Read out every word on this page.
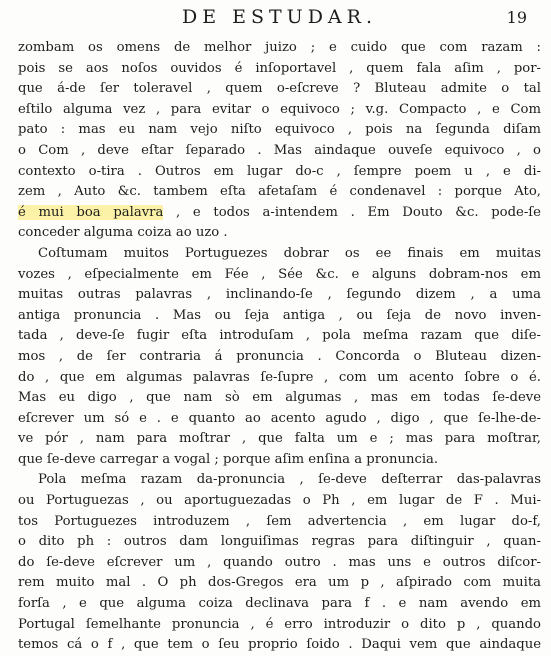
DE ESTUDAR.	19

zombam os omens de melhor juizo ; e cuido que com razam :

pois se aos noſos ouvidos é inſoportavel , quem fala aſim , por-

que á-de ſer toleravel , quem o-eſcreve ? Bluteau admite o tal

eſtilo alguma vez , para evitar o equivoco ; v.g. Compacto , e Com

pato : mas eu nam vejo niſto equivoco , pois na ſegunda diſam

o Com , deve eſtar ſeparado . Mas aindaque ouveſe equivoco , o

contexto o-tira . Outros em lugar do-c , ſempre poem u , e di-

zem , Auto &c. tambem eſta afetaſam é condenavel : porque Ato,

é mui boa palavra , e todos a-intendem . Em Douto &c. pode-ſe

conceder alguma coiza ao uzo .

Coſtumam muitos Portuguezes dobrar os ee finais em muitas

vozes , eſpecialmente em Fée , Sée &c. e alguns dobram-nos em

muitas outras palavras , inclinando-ſe , ſegundo dizem , a uma

antiga pronuncia . Mas ou ſeja antiga , ou ſeja de novo inven-

tada , deve-ſe fugir eſta introduſam , pola meſma razam que diſe-

mos , de ſer contraria á pronuncia . Concorda o Bluteau dizen-

do , que em algumas palavras ſe-ſupre , com um acento ſobre o é.

Mas eu digo , que nam sò em algumas , mas em todas ſe-deve

eſcrever um só e . e quanto ao acento agudo , digo , que ſe-lhe-de-

ve pór , nam para moſtrar , que falta um e ; mas para moſtrar,

que ſe-deve carregar a vogal ; porque aſim enſina a pronuncia.

Pola meſma razam da-pronuncia , ſe-deve deſterrar das-palavras

ou Portuguezas , ou aportuguezadas o Ph , em lugar de F . Mui-

tos Portuguezes introduzem , ſem advertencia , em lugar do-f,

o dito ph : outros dam longuiſimas regras para diſtinguir , quan-

do ſe-deve eſcrever um , quando outro . mas uns e outros diſcor-

rem muito mal . O ph dos-Gregos era um p , aſpirado com muita

forſa , e que alguma coiza declinava para f . e nam avendo em

Portugal ſemelhante pronuncia , é erro introduzir o dito p , quando

temos cá o f , que tem o ſeu proprio ſoido . Daqui vem que aindaque
